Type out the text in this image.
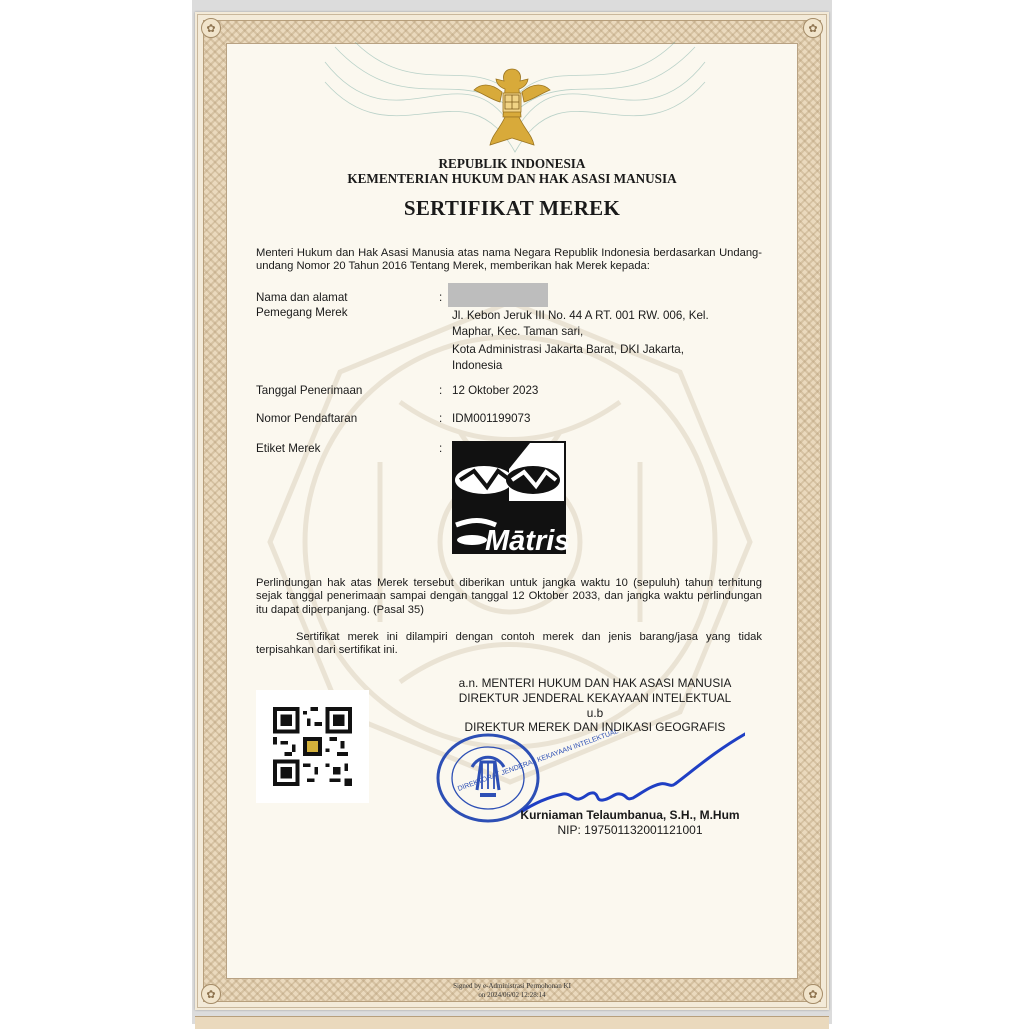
✿	✿
✿	✿
REPUBLIK INDONESIA
KEMENTERIAN HUKUM DAN HAK ASASI MANUSIA
SERTIFIKAT MEREK
Menteri Hukum dan Hak Asasi Manusia atas nama Negara Republik Indonesia berdasarkan Undang-undang Nomor 20 Tahun 2016 Tentang Merek, memberikan hak Merek kepada:
Nama dan alamat
Pemegang Merek
:
Jl. Kebon Jeruk III No. 44 A RT. 001 RW. 006, Kel.
Maphar, Kec. Taman sari,
Kota Administrasi Jakarta Barat, DKI Jakarta,
Indonesia
Tanggal Penerimaan	: 12 Oktober 2023
Nomor Pendaftaran	: IDM001199073
Etiket Merek	:
Mātris
Perlindungan hak atas Merek tersebut diberikan untuk jangka waktu 10 (sepuluh) tahun terhitung sejak tanggal penerimaan sampai dengan tanggal 12 Oktober 2033, dan jangka waktu perlindungan itu dapat diperpanjang. (Pasal 35)
Sertifikat merek ini dilampiri dengan contoh merek dan jenis barang/jasa yang tidak terpisahkan dari sertifikat ini.
a.n. MENTERI HUKUM DAN HAK ASASI MANUSIA
DIREKTUR JENDERAL KEKAYAAN INTELEKTUAL
u.b
DIREKTUR MEREK DAN INDIKASI GEOGRAFIS
DIREKTORAT JENDERAL KEKAYAAN INTELEKTUAL
Kurniaman Telaumbanua, S.H., M.Hum
NIP: 197501132001121001
Signed by e-Administrasi Permohonan KI
on 2024/06/02 12:28:14
